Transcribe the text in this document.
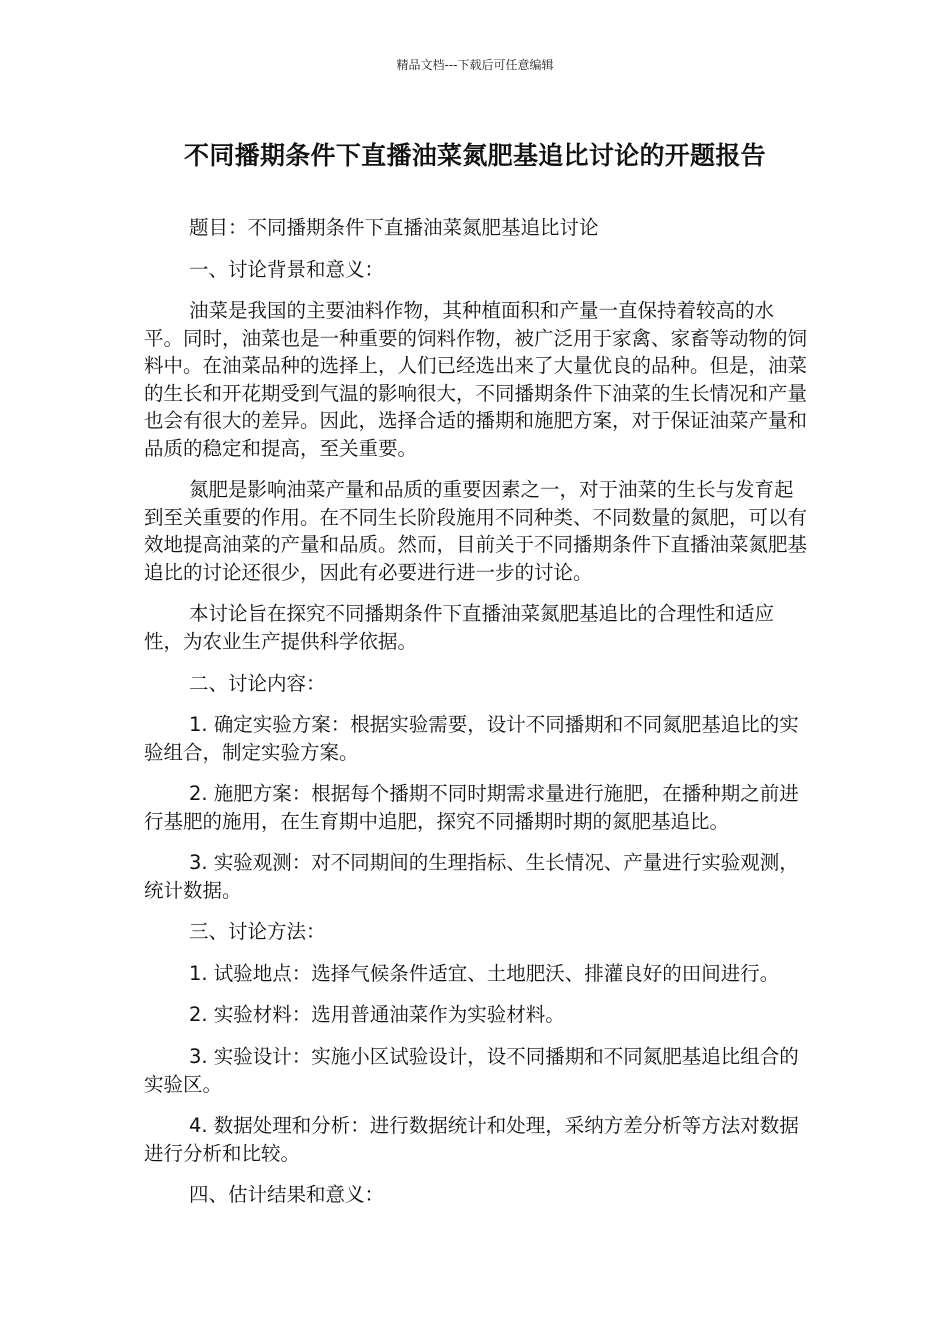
精品文档---下载后可任意编辑
不同播期条件下直播油菜氮肥基追比讨论的开题报告

题目：不同播期条件下直播油菜氮肥基追比讨论

一、讨论背景和意义：

油菜是我国的主要油料作物，其种植面积和产量一直保持着较高的水平。同时，油菜也是一种重要的饲料作物，被广泛用于家禽、家畜等动物的饲料中。在油菜品种的选择上，人们已经选出来了大量优良的品种。但是，油菜的生长和开花期受到气温的影响很大，不同播期条件下油菜的生长情况和产量也会有很大的差异。因此，选择合适的播期和施肥方案，对于保证油菜产量和品质的稳定和提高，至关重要。

氮肥是影响油菜产量和品质的重要因素之一，对于油菜的生长与发育起到至关重要的作用。在不同生长阶段施用不同种类、不同数量的氮肥，可以有效地提高油菜的产量和品质。然而，目前关于不同播期条件下直播油菜氮肥基追比的讨论还很少，因此有必要进行进一步的讨论。

本讨论旨在探究不同播期条件下直播油菜氮肥基追比的合理性和适应性，为农业生产提供科学依据。

二、讨论内容：

1. 确定实验方案：根据实验需要，设计不同播期和不同氮肥基追比的实验组合，制定实验方案。

2. 施肥方案：根据每个播期不同时期需求量进行施肥，在播种期之前进行基肥的施用，在生育期中追肥，探究不同播期时期的氮肥基追比。

3. 实验观测：对不同期间的生理指标、生长情况、产量进行实验观测，统计数据。

三、讨论方法：

1. 试验地点：选择气候条件适宜、土地肥沃、排灌良好的田间进行。

2. 实验材料：选用普通油菜作为实验材料。

3. 实验设计：实施小区试验设计，设不同播期和不同氮肥基追比组合的实验区。

4. 数据处理和分析：进行数据统计和处理，采纳方差分析等方法对数据进行分析和比较。

四、估计结果和意义：
